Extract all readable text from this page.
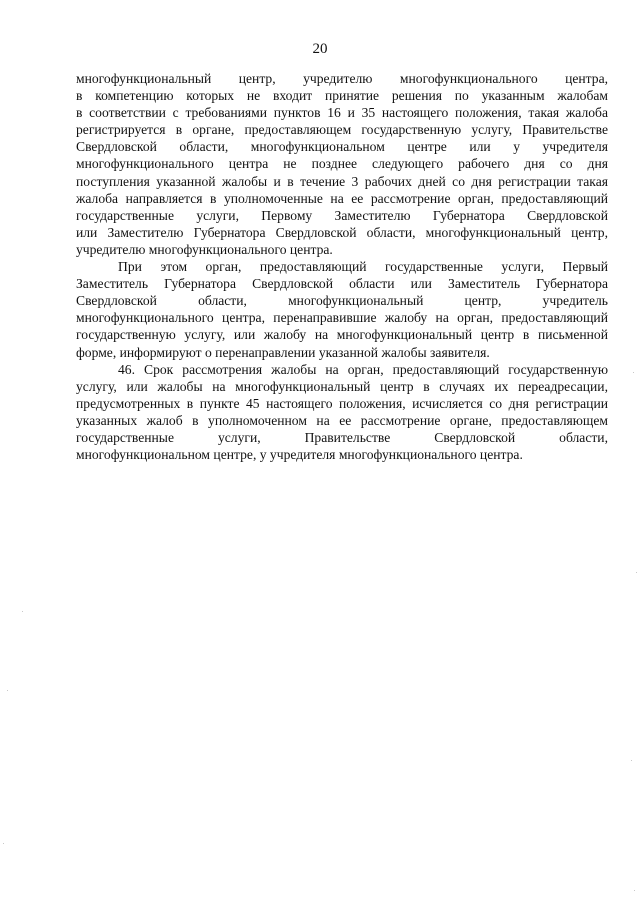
20

многофункциональный центр, учредителю многофункционального центра,
в компетенцию которых не входит принятие решения по указанным жалобам
в соответствии с требованиями пунктов 16 и 35 настоящего положения, такая жалоба
регистрируется в органе, предоставляющем государственную услугу, Правительстве
Свердловской области, многофункциональном центре или у учредителя
многофункционального центра не позднее следующего рабочего дня со дня
поступления указанной жалобы и в течение 3 рабочих дней со дня регистрации такая
жалоба направляется в уполномоченные на ее рассмотрение орган, предоставляющий
государственные услуги, Первому Заместителю Губернатора Свердловской
или Заместителю Губернатора Свердловской области, многофункциональный центр,
учредителю многофункционального центра.

При этом орган, предоставляющий государственные услуги, Первый
Заместитель Губернатора Свердловской области или Заместитель Губернатора
Свердловской области, многофункциональный центр, учредитель
многофункционального центра, перенаправившие жалобу на орган, предоставляющий
государственную услугу, или жалобу на многофункциональный центр в письменной
форме, информируют о перенаправлении указанной жалобы заявителя.

46. Срок рассмотрения жалобы на орган, предоставляющий государственную
услугу, или жалобы на многофункциональный центр в случаях их переадресации,
предусмотренных в пункте 45 настоящего положения, исчисляется со дня регистрации
указанных жалоб в уполномоченном на ее рассмотрение органе, предоставляющем
государственные услуги, Правительстве Свердловской области,
многофункциональном центре, у учредителя многофункционального центра.
